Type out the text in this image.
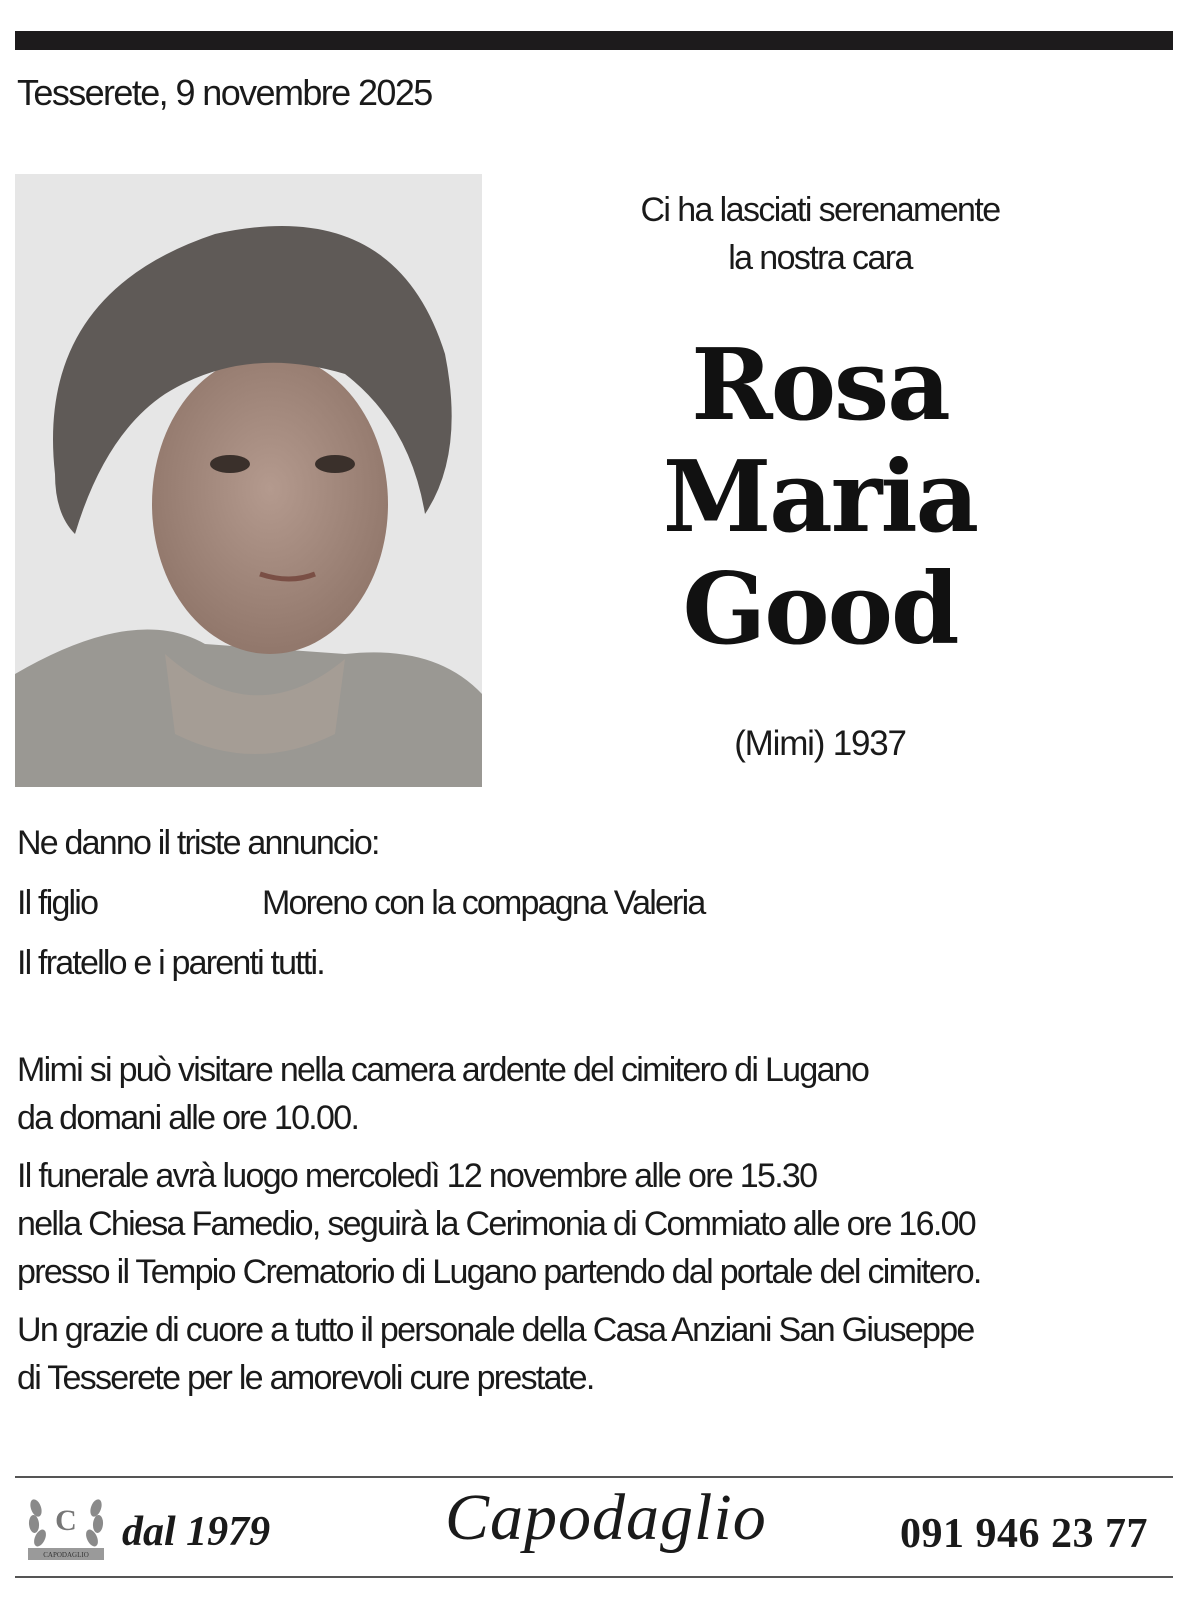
Tesserete, 9 novembre 2025
Ci ha lasciati serenamente
la nostra cara
Rosa
Maria
Good
(Mimi) 1937
Ne danno il triste annuncio:
Il figlio	Moreno con la compagna Valeria
Il fratello e i parenti tutti.
Mimi si può visitare nella camera ardente del cimitero di Lugano
da domani alle ore 10.00.
Il funerale avrà luogo mercoledì 12 novembre alle ore 15.30
nella Chiesa Famedio, seguirà la Cerimonia di Commiato alle ore 16.00
presso il Tempio Crematorio di Lugano partendo dal portale del cimitero.
Un grazie di cuore a tutto il personale della Casa Anziani San Giuseppe
di Tesserete per le amorevoli cure prestate.
C
CAPODAGLIO dal 1979	Capodaglio	091 946 23 77
